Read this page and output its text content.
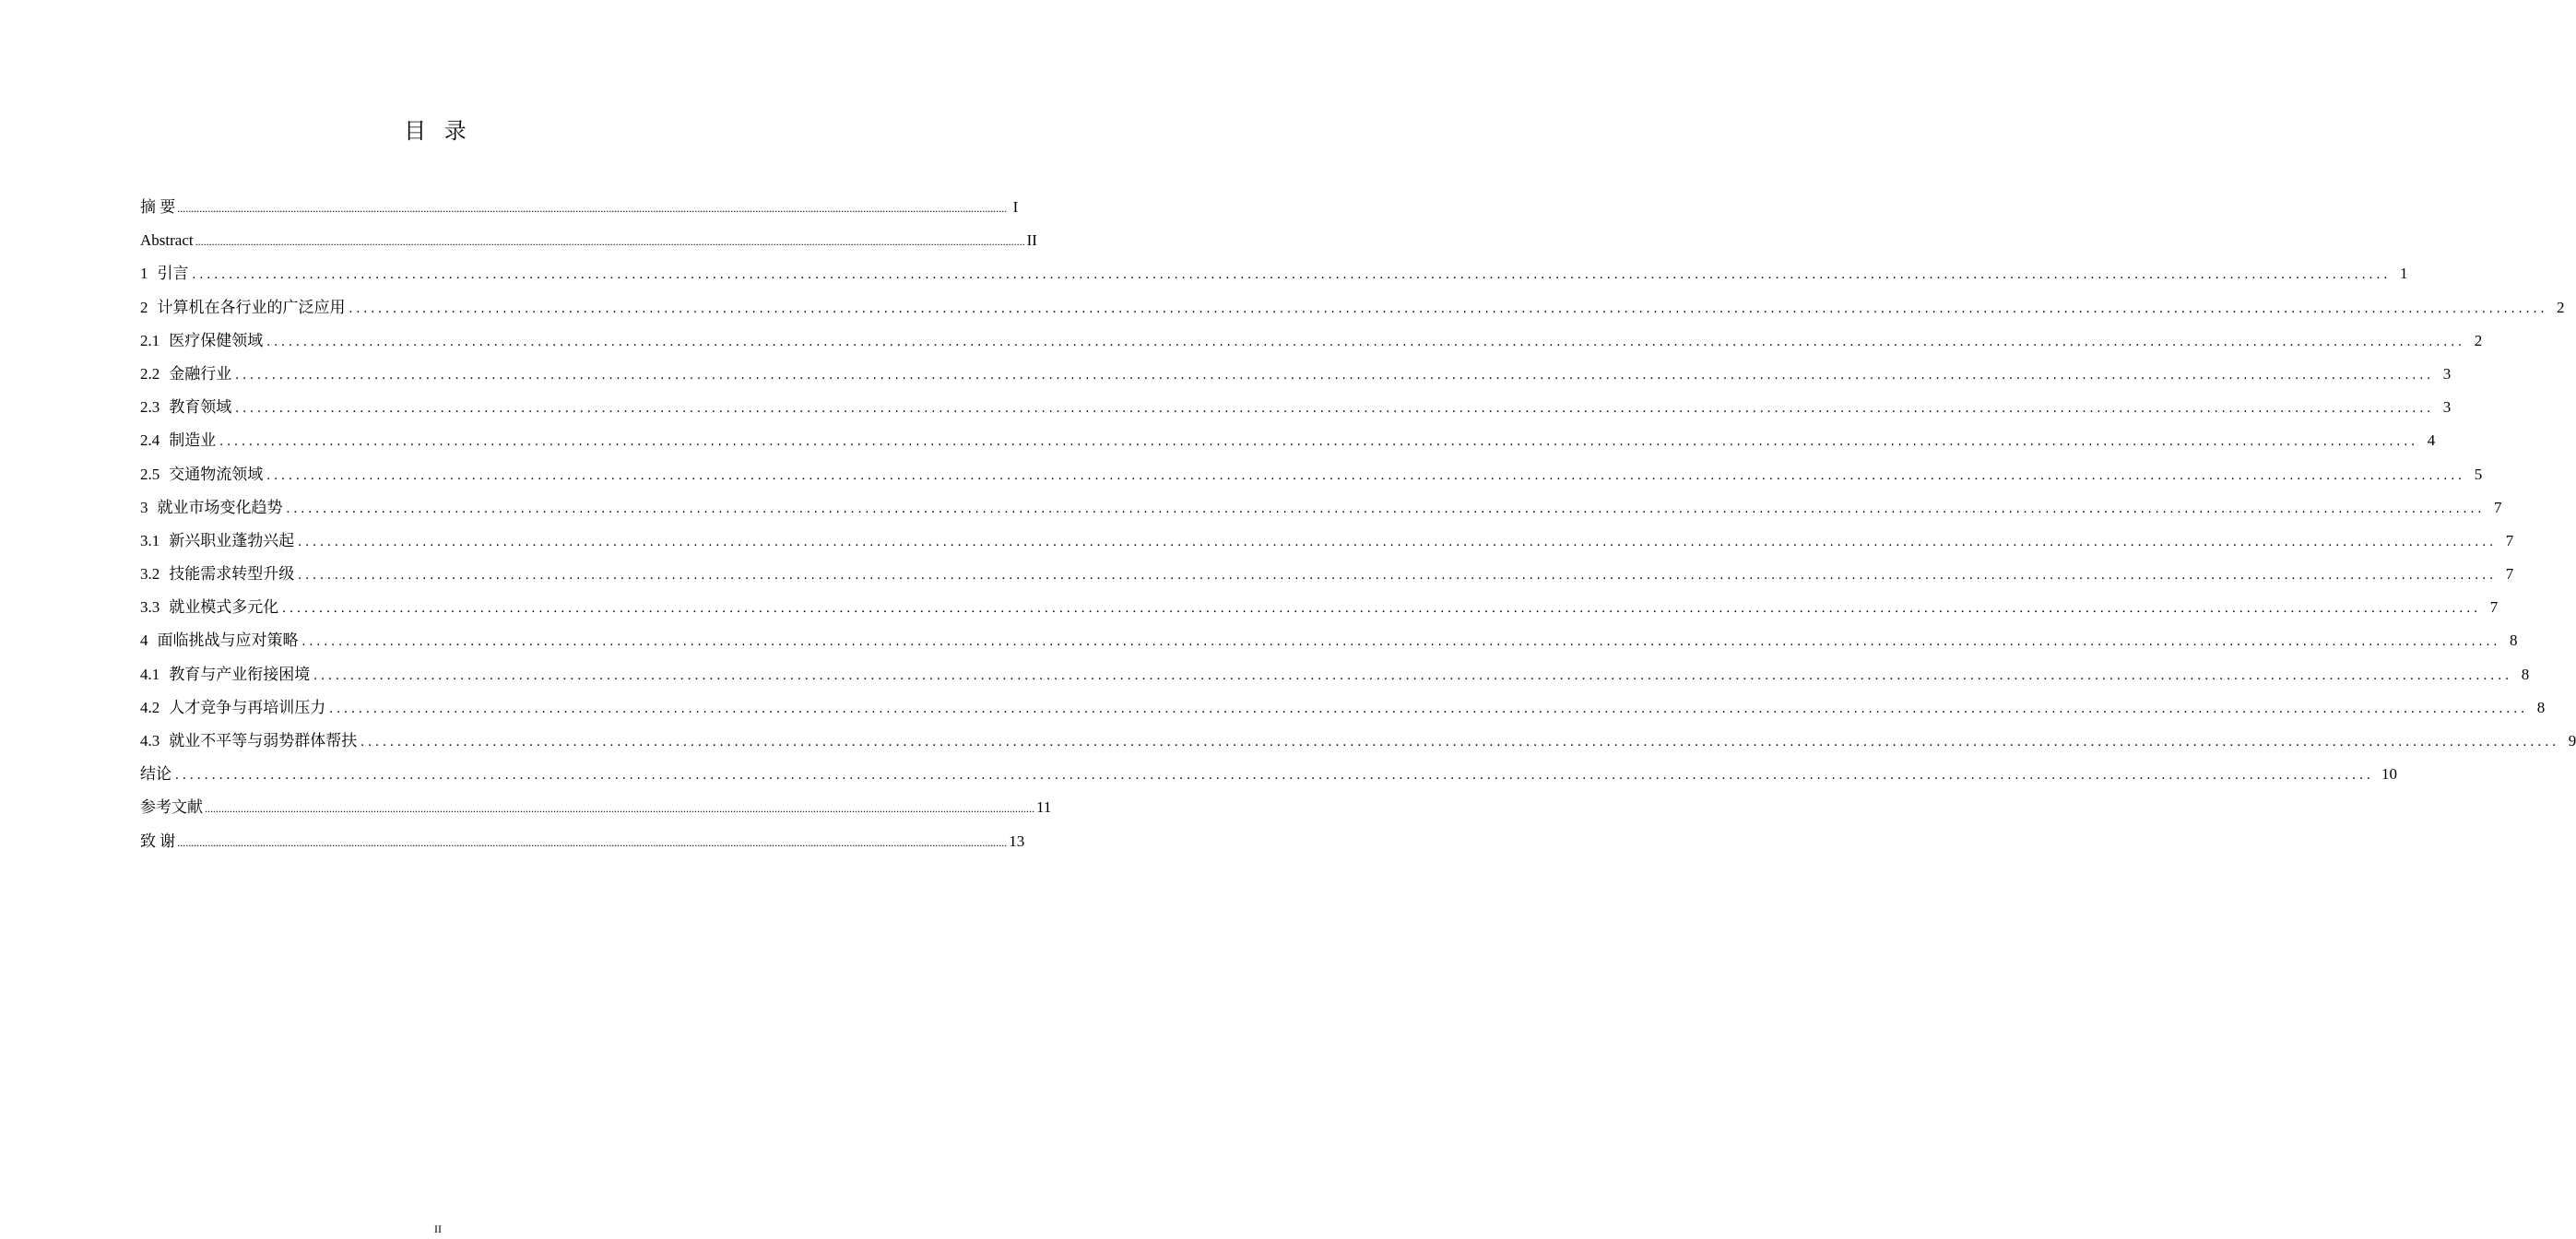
目 录
摘 要 ............................................................................................................................................................................................................................................................................................................ I
Abstract ............................................................................................................................................................................................................................................................................................................ II
1 引言 ............................................................................................................................................................................................................................................................................................................ 1
2 计算机在各行业的广泛应用 ............................................................................................................................................................................................................................................................................................................ 2
2.1 医疗保健领域 ............................................................................................................................................................................................................................................................................................................ 2
2.2 金融行业 ............................................................................................................................................................................................................................................................................................................ 3
2.3 教育领域 ............................................................................................................................................................................................................................................................................................................ 3
2.4 制造业 ............................................................................................................................................................................................................................................................................................................ 4
2.5 交通物流领域 ............................................................................................................................................................................................................................................................................................................ 5
3 就业市场变化趋势 ............................................................................................................................................................................................................................................................................................................ 7
3.1 新兴职业蓬勃兴起 ............................................................................................................................................................................................................................................................................................................ 7
3.2 技能需求转型升级 ............................................................................................................................................................................................................................................................................................................ 7
3.3 就业模式多元化 ............................................................................................................................................................................................................................................................................................................ 7
4 面临挑战与应对策略 ............................................................................................................................................................................................................................................................................................................ 8
4.1 教育与产业衔接困境 ............................................................................................................................................................................................................................................................................................................ 8
4.2 人才竞争与再培训压力 ............................................................................................................................................................................................................................................................................................................ 8
4.3 就业不平等与弱势群体帮扶 ............................................................................................................................................................................................................................................................................................................ 9
结论 ............................................................................................................................................................................................................................................................................................................ 10
参考文献 ............................................................................................................................................................................................................................................................................................................ 11
致 谢 ............................................................................................................................................................................................................................................................................................................ 13
II
